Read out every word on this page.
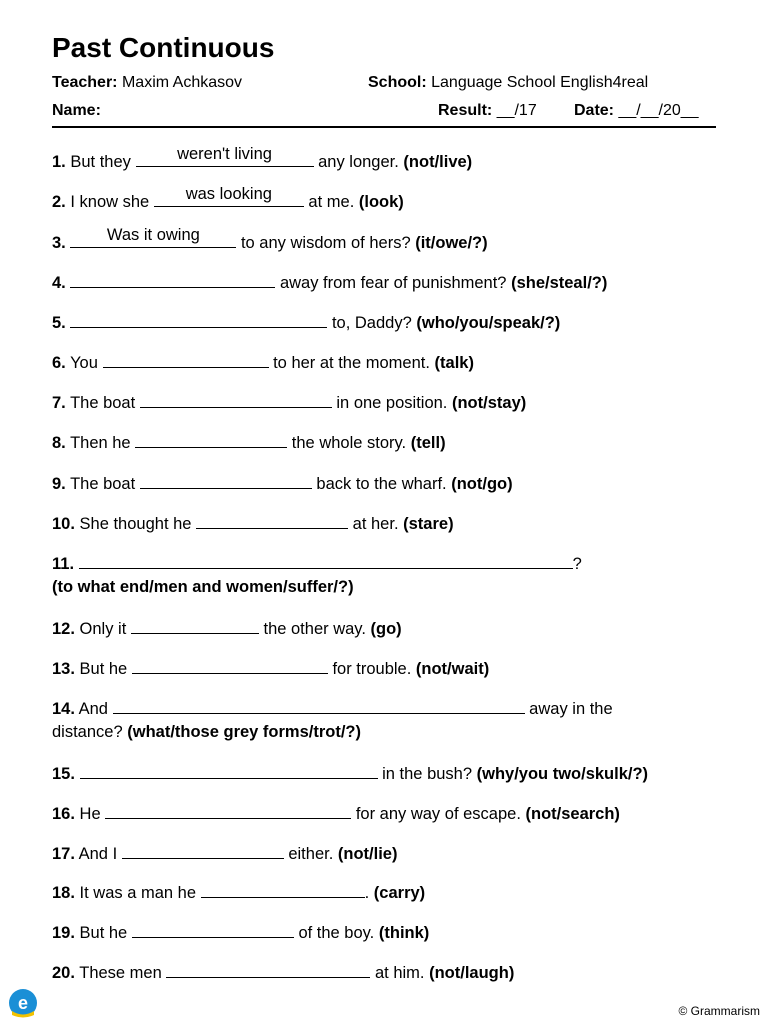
Past Continuous
Teacher: Maxim Achkasov	School: Language School English4real
Name:	Result: __/17 Date: __/__/20__
1. But they	weren't living	any longer. (not/live)
2. I know she	was looking	at me. (look)
3.	Was it owing	to any wisdom of hers? (it/owe/?)
4.	away from fear of punishment? (she/steal/?)
5.	to, Daddy? (who/you/speak/?)
6. You	to her at the moment. (talk)
7. The boat	in one position. (not/stay)
8. Then he	the whole story. (tell)
9. The boat	back to the wharf. (not/go)
10. She thought he	at her. (stare)
11.	?
(to what end/men and women/suffer/?)
12. Only it	the other way. (go)
13. But he	for trouble. (not/wait)
14. And	away in the
distance? (what/those grey forms/trot/?)
15.	in the bush? (why/you two/skulk/?)
16. He	for any way of escape. (not/search)
17. And I	either. (not/lie)
18. It was a man he	. (carry)
19. But he	of the boy. (think)
20. These men	at him. (not/laugh)
e	© Grammarism
